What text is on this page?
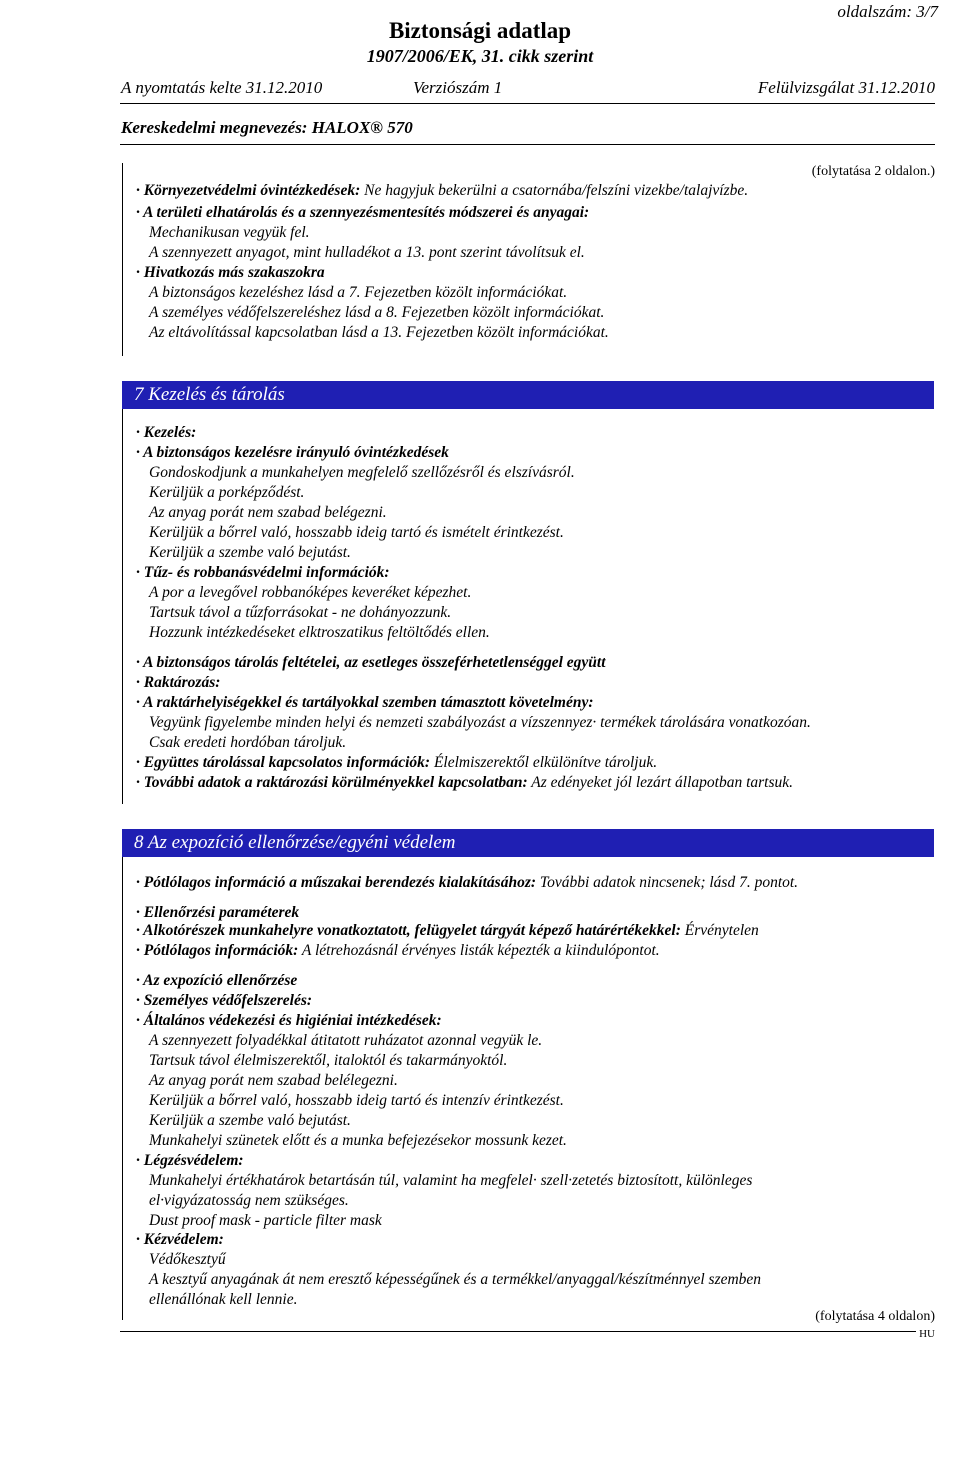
oldalszám: 3/7
Biztonsági adatlap
1907/2006/EK, 31. cikk szerint
A nyomtatás kelte 31.12.2010	Verziószám 1	Felülvizsgálat 31.12.2010
Kereskedelmi megnevezés: HALOX® 570
(folytatása 2 oldalon.)
· Környezetvédelmi óvintézkedések: Ne hagyjuk bekerülni a csatornába/felszíni vizekbe/talajvízbe.
· A területi elhatárolás és a szennyezésmentesítés módszerei és anyagai:
Mechanikusan vegyük fel.
A szennyezett anyagot, mint hulladékot a 13. pont szerint távolítsuk el.
· Hivatkozás más szakaszokra
A biztonságos kezeléshez lásd a 7. Fejezetben közölt információkat.
A személyes védőfelszereléshez lásd a 8. Fejezetben közölt információkat.
Az eltávolítással kapcsolatban lásd a 13. Fejezetben közölt információkat.
7 Kezelés és tárolás
· Kezelés:
· A biztonságos kezelésre irányuló óvintézkedések
Gondoskodjunk a munkahelyen megfelelő szellőzésről és elszívásról.
Kerüljük a porképződést.
Az anyag porát nem szabad belégezni.
Kerüljük a bőrrel való, hosszabb ideig tartó és ismételt érintkezést.
Kerüljük a szembe való bejutást.
· Tűz- és robbanásvédelmi információk:
A por a levegővel robbanóképes keveréket képezhet.
Tartsuk távol a tűzforrásokat - ne dohányozzunk.
Hozzunk intézkedéseket elktroszatikus feltöltődés ellen.
· A biztonságos tárolás feltételei, az esetleges összeférhetetlenséggel együtt
· Raktározás:
· A raktárhelyiségekkel és tartályokkal szemben támasztott követelmény:
Vegyünk figyelembe minden helyi és nemzeti szabályozást a vízszennyez· termékek tárolására vonatkozóan.
Csak eredeti hordóban tároljuk.
· Együttes tárolással kapcsolatos információk: Élelmiszerektől elkülönítve tároljuk.
· További adatok a raktározási körülményekkel kapcsolatban: Az edényeket jól lezárt állapotban tartsuk.
8 Az expozíció ellenőrzése/egyéni védelem
· Pótlólagos információ a műszakai berendezés kialakításához: További adatok nincsenek; lásd 7. pontot.
· Ellenőrzési paraméterek
· Alkotórészek munkahelyre vonatkoztatott, felügyelet tárgyát képező határértékekkel: Érvénytelen
· Pótlólagos információk: A létrehozásnál érvényes listák képezték a kiindulópontot.
· Az expozíció ellenőrzése
· Személyes védőfelszerelés:
· Általános védekezési és higiéniai intézkedések:
A szennyezett folyadékkal átitatott ruházatot azonnal vegyük le.
Tartsuk távol élelmiszerektől, italoktól és takarmányoktól.
Az anyag porát nem szabad belélegezni.
Kerüljük a bőrrel való, hosszabb ideig tartó és intenzív érintkezést.
Kerüljük a szembe való bejutást.
Munkahelyi szünetek előtt és a munka befejezésekor mossunk kezet.
· Légzésvédelem:
Munkahelyi értékhatárok betartásán túl, valamint ha megfelel· szell·zetetés biztosított, különleges
el·vigyázatosság nem szükséges.
Dust proof mask - particle filter mask
· Kézvédelem:
Védőkesztyű
A kesztyű anyagának át nem eresztő képességűnek és a termékkel/anyaggal/készítménnyel szemben
ellenállónak kell lennie.
(folytatása 4 oldalon)
HU
